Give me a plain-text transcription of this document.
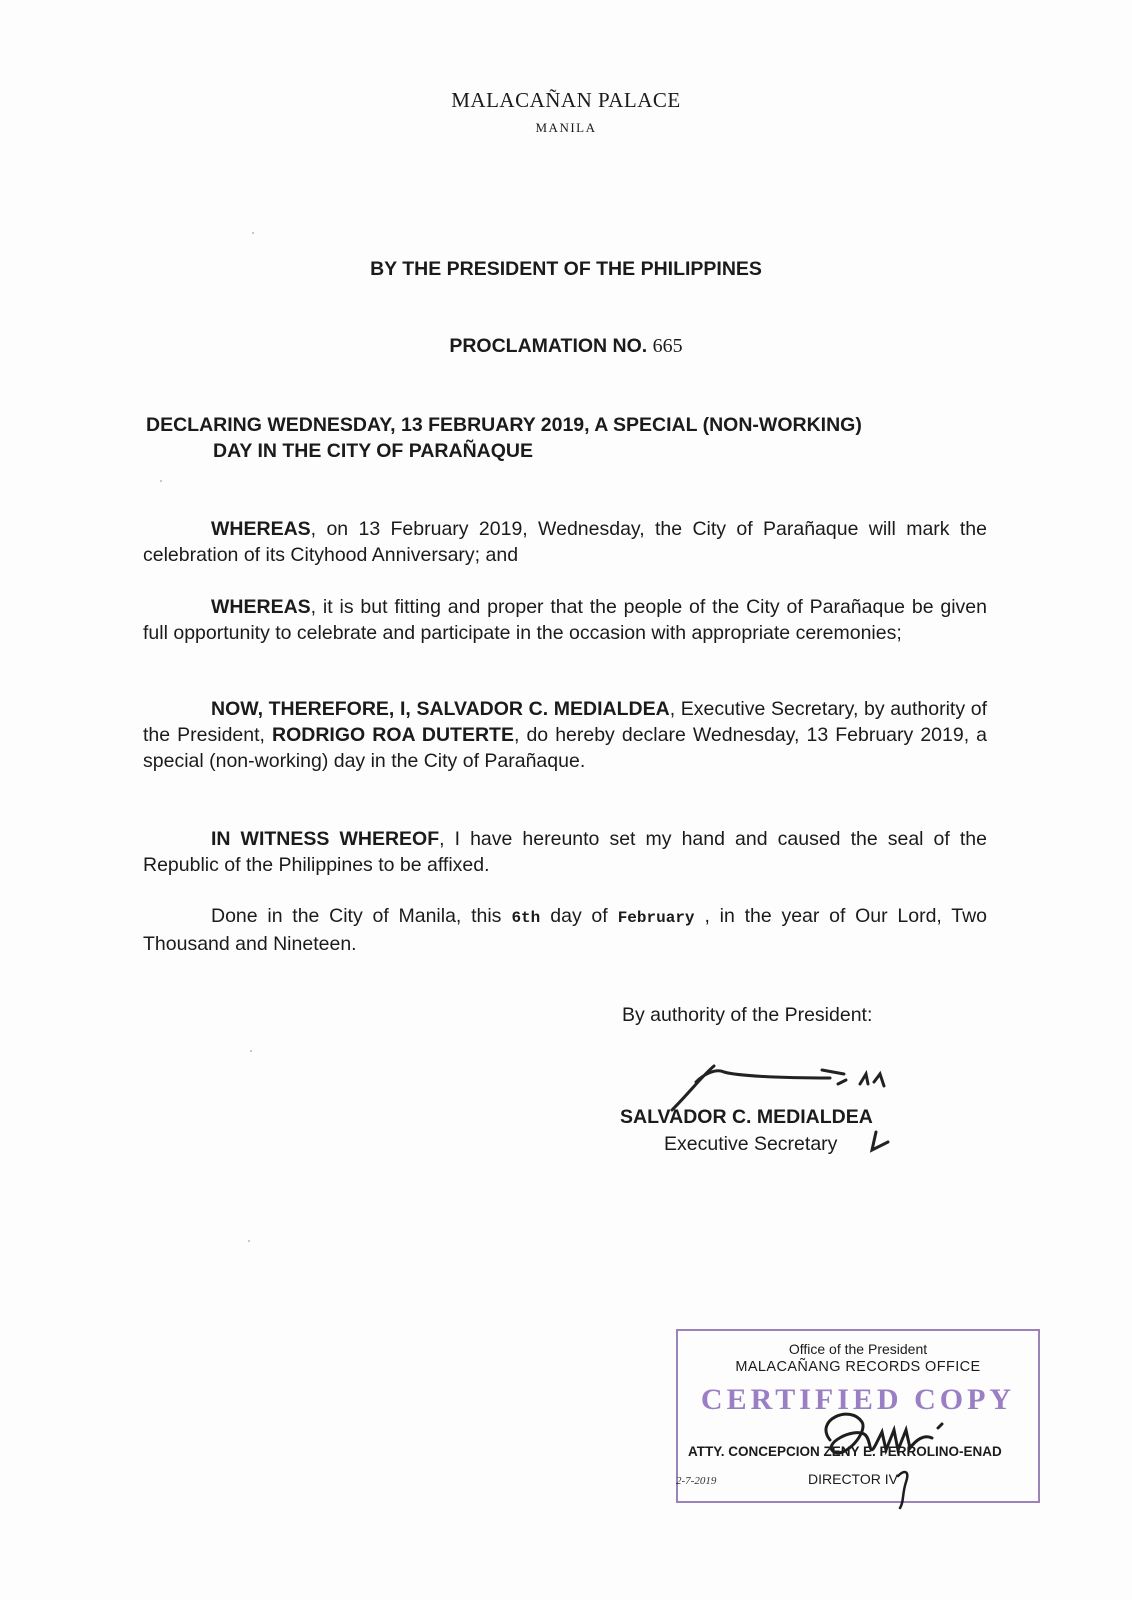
MALACAÑAN PALACE
MANILA
BY THE PRESIDENT OF THE PHILIPPINES
PROCLAMATION NO. 665
DECLARING WEDNESDAY, 13 FEBRUARY 2019, A SPECIAL (NON-WORKING)
DAY IN THE CITY OF PARAÑAQUE
WHEREAS, on 13 February 2019, Wednesday, the City of Parañaque will mark the celebration of its Cityhood Anniversary; and
WHEREAS, it is but fitting and proper that the people of the City of Parañaque be given full opportunity to celebrate and participate in the occasion with appropriate ceremonies;
NOW, THEREFORE, I, SALVADOR C. MEDIALDEA, Executive Secretary, by authority of the President, RODRIGO ROA DUTERTE, do hereby declare Wednesday, 13 February 2019, a special (non-working) day in the City of Parañaque.
IN WITNESS WHEREOF, I have hereunto set my hand and caused the seal of the Republic of the Philippines to be affixed.
Done in the City of Manila, this 6th day of February , in the year of Our Lord, Two Thousand and Nineteen.
By authority of the President:
SALVADOR C. MEDIALDEA
Executive Secretary
Office of the President
MALACAÑANG RECORDS OFFICE
CERTIFIED COPY
ATTY. CONCEPCION ZENY E. FERROLINO-ENAD
DIRECTOR IV
2-7-2019
